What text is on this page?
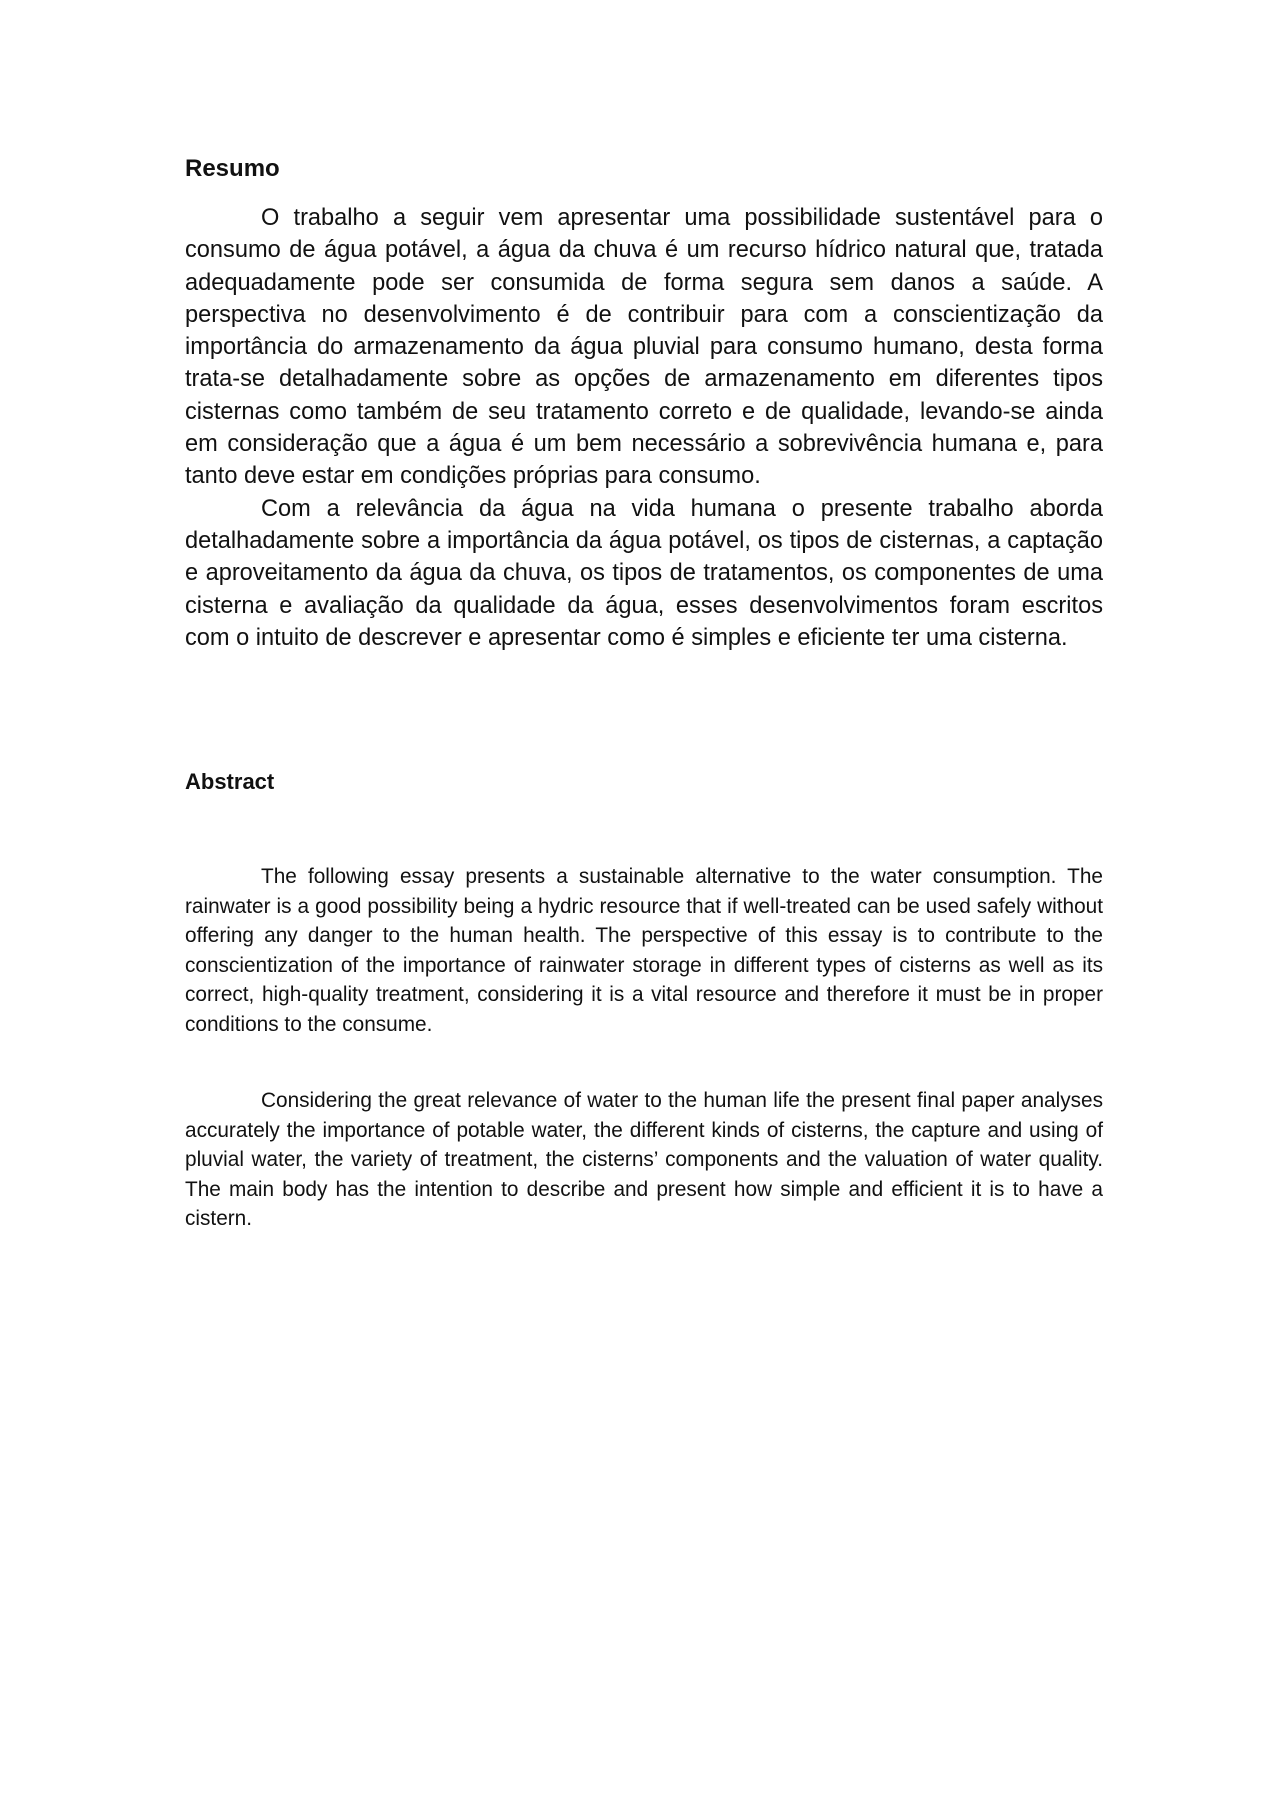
Resumo

O trabalho a seguir vem apresentar uma possibilidade sustentável para o consumo de água potável, a água da chuva é um recurso hídrico natural que, tratada adequadamente pode ser consumida de forma segura sem danos a saúde. A perspectiva no desenvolvimento é de contribuir para com a conscientização da importância do armazenamento da água pluvial para consumo humano, desta forma trata-se detalhadamente sobre as opções de armazenamento em diferentes tipos cisternas como também de seu tratamento correto e de qualidade, levando-se ainda em consideração que a água é um bem necessário a sobrevivência humana e, para tanto deve estar em condições próprias para consumo.

Com a relevância da água na vida humana o presente trabalho aborda detalhadamente sobre a importância da água potável, os tipos de cisternas, a captação e aproveitamento da água da chuva, os tipos de tratamentos, os componentes de uma cisterna e avaliação da qualidade da água, esses desenvolvimentos foram escritos com o intuito de descrever e apresentar como é simples e eficiente ter uma cisterna.

Abstract

The following essay presents a sustainable alternative to the water consumption. The rainwater is a good possibility being a hydric resource that if well-treated can be used safely without offering any danger to the human health. The perspective of this essay is to contribute to the conscientization of the importance of rainwater storage in different types of cisterns as well as its correct, high-quality treatment, considering it is a vital resource and therefore it must be in proper conditions to the consume.

Considering the great relevance of water to the human life the present final paper analyses accurately the importance of potable water, the different kinds of cisterns, the capture and using of pluvial water, the variety of treatment, the cisterns’ components and the valuation of water quality. The main body has the intention to describe and present how simple and efficient it is to have a cistern.
